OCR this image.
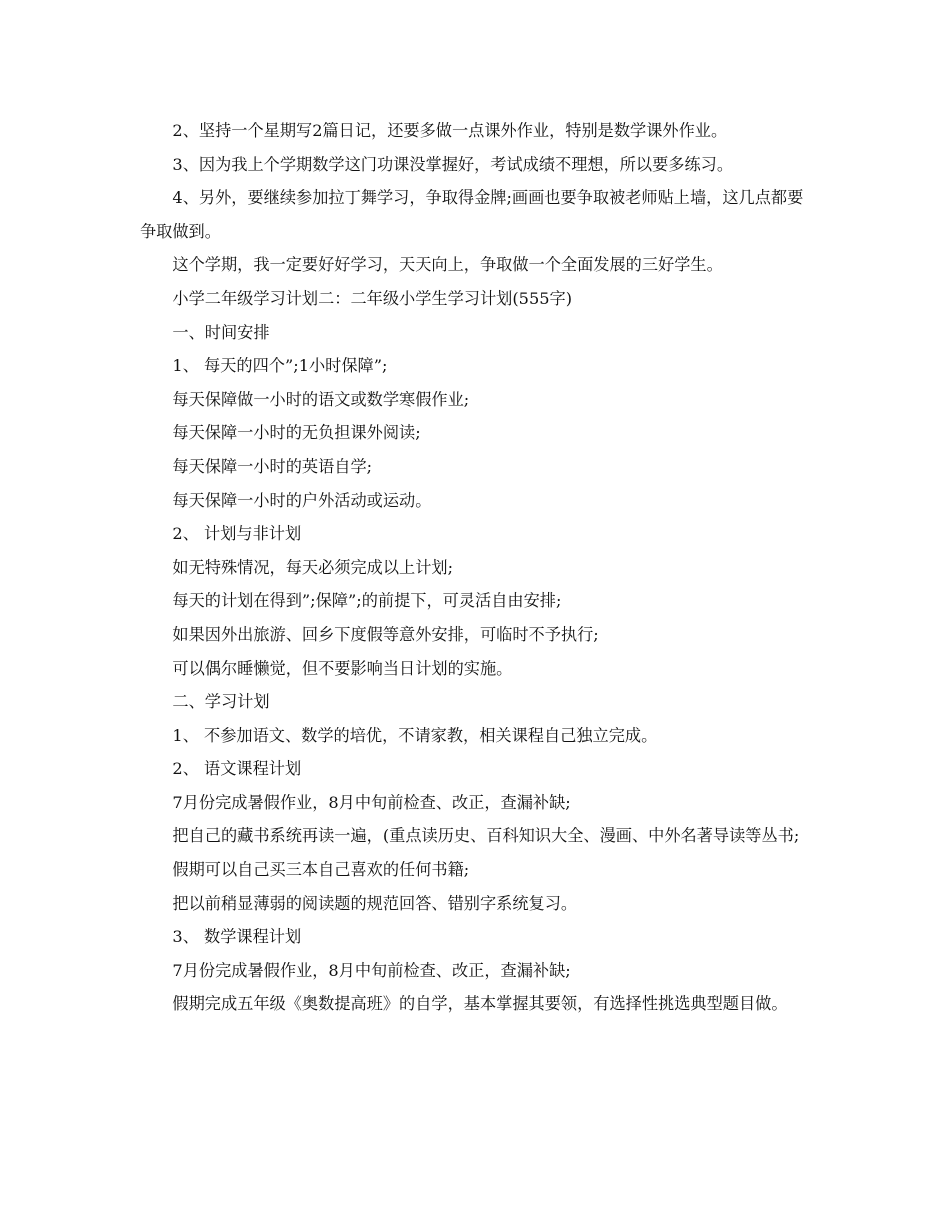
2、坚持一个星期写2篇日记，还要多做一点课外作业，特别是数学课外作业。

3、因为我上个学期数学这门功课没掌握好，考试成绩不理想，所以要多练习。

4、另外，要继续参加拉丁舞学习，争取得金牌;画画也要争取被老师贴上墙，这几点都要争取做到。

这个学期，我一定要好好学习，天天向上，争取做一个全面发展的三好学生。

小学二年级学习计划二：二年级小学生学习计划(555字)

一、时间安排

1、 每天的四个”;1小时保障”;

每天保障做一小时的语文或数学寒假作业;

每天保障一小时的无负担课外阅读;

每天保障一小时的英语自学;

每天保障一小时的户外活动或运动。

2、 计划与非计划

如无特殊情况，每天必须完成以上计划;

每天的计划在得到”;保障”;的前提下，可灵活自由安排;

如果因外出旅游、回乡下度假等意外安排，可临时不予执行;

可以偶尔睡懒觉，但不要影响当日计划的实施。

二、学习计划

1、 不参加语文、数学的培优，不请家教，相关课程自己独立完成。

2、 语文课程计划

7月份完成暑假作业，8月中旬前检查、改正，查漏补缺;

把自己的藏书系统再读一遍，(重点读历史、百科知识大全、漫画、中外名著导读等丛书;

假期可以自己买三本自己喜欢的任何书籍;

把以前稍显薄弱的阅读题的规范回答、错别字系统复习。

3、 数学课程计划

7月份完成暑假作业，8月中旬前检查、改正，查漏补缺;

假期完成五年级《奥数提高班》的自学，基本掌握其要领，有选择性挑选典型题目做。
